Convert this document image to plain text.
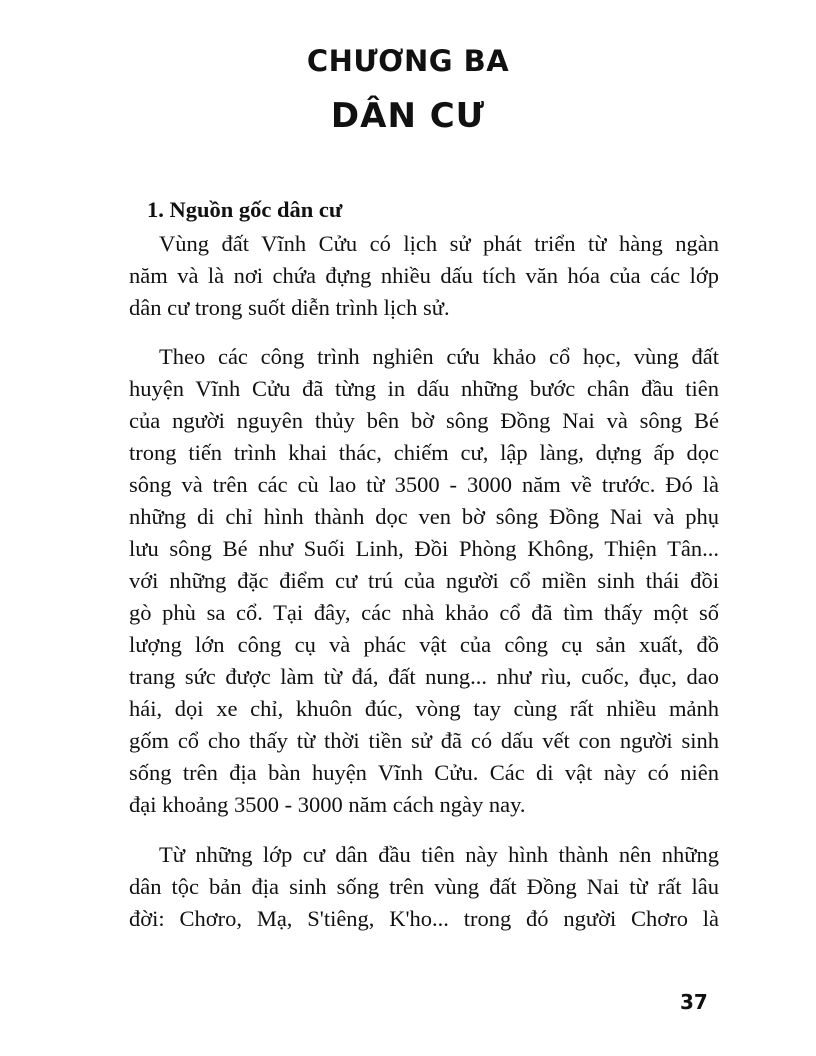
CHƯƠNG BA
DÂN CƯ
1. Nguồn gốc dân cư
Vùng đất Vĩnh Cửu có lịch sử phát triển từ hàng ngàn
năm và là nơi chứa đựng nhiều dấu tích văn hóa của các lớp
dân cư trong suốt diễn trình lịch sử.
Theo các công trình nghiên cứu khảo cổ học, vùng đất
huyện Vĩnh Cửu đã từng in dấu những bước chân đầu tiên
của người nguyên thủy bên bờ sông Đồng Nai và sông Bé
trong tiến trình khai thác, chiếm cư, lập làng, dựng ấp dọc
sông và trên các cù lao từ 3500 - 3000 năm về trước. Đó là
những di chỉ hình thành dọc ven bờ sông Đồng Nai và phụ
lưu sông Bé như Suối Linh, Đồi Phòng Không, Thiện Tân...
với những đặc điểm cư trú của người cổ miền sinh thái đồi
gò phù sa cổ. Tại đây, các nhà khảo cổ đã tìm thấy một số
lượng lớn công cụ và phác vật của công cụ sản xuất, đồ
trang sức được làm từ đá, đất nung... như rìu, cuốc, đục, dao
hái, dọi xe chỉ, khuôn đúc, vòng tay cùng rất nhiều mảnh
gốm cổ cho thấy từ thời tiền sử đã có dấu vết con người sinh
sống trên địa bàn huyện Vĩnh Cửu. Các di vật này có niên
đại khoảng 3500 - 3000 năm cách ngày nay.
Từ những lớp cư dân đầu tiên này hình thành nên những
dân tộc bản địa sinh sống trên vùng đất Đồng Nai từ rất lâu
đời: Chơro, Mạ, S'tiêng, K'ho... trong đó người Chơro là
37
